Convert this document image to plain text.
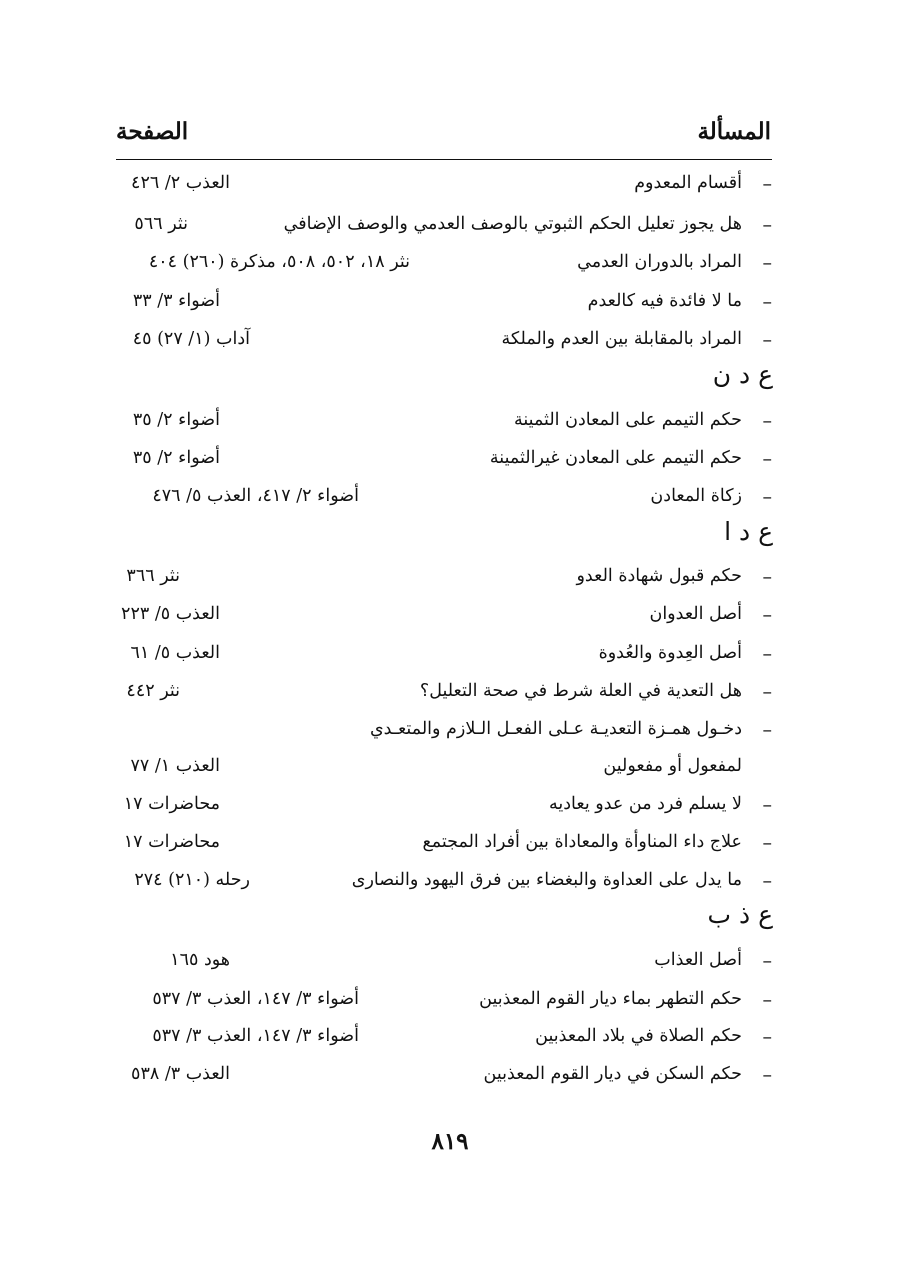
المسألة
الصفحة
–
أقسام المعدوم
العذب ٢/ ٤٢٦
–
هل يجوز تعليل الحكم الثبوتي بالوصف العدمي والوصف الإضافي
نثر ٥٦٦
–
المراد بالدوران العدمي
نثر ١٨، ٥٠٢، ٥٠٨، مذكرة (٢٦٠) ٤٠٤
–
ما لا فائدة فيه كالعدم
أضواء ٣/ ٣٣
–
المراد بالمقابلة بين العدم والملكة
آداب (١/ ٢٧) ٤٥
ع د ن
–
حكم التيمم على المعادن الثمينة
أضواء ٢/ ٣٥
–
حكم التيمم على المعادن غيرالثمينة
أضواء ٢/ ٣٥
–
زكاة المعادن
أضواء ٢/ ٤١٧، العذب ٥/ ٤٧٦
ع د ا
–
حكم قبول شهادة العدو
نثر ٣٦٦
–
أصل العدوان
العذب ٥/ ٢٢٣
–
أصل العِدوة والعُدوة
العذب ٥/ ٦١
–
هل التعدية في العلة شرط في صحة التعليل؟
نثر ٤٤٢
–
دخـول همـزة التعديـة عـلى الفعـل الـلازم والمتعـدي
لمفعول أو مفعولين
العذب ١/ ٧٧
–
لا يسلم فرد من عدو يعاديه
محاضرات ١٧
–
علاج داء المناوأة والمعاداة بين أفراد المجتمع
محاضرات ١٧
–
ما يدل على العداوة والبغضاء بين فرق اليهود والنصارى
رحله (٢١٠) ٢٧٤
ع ذ ب
–
أصل العذاب
هود ١٦٥
–
حكم التطهر بماء ديار القوم المعذبين
أضواء ٣/ ١٤٧، العذب ٣/ ٥٣٧
–
حكم الصلاة في بلاد المعذبين
أضواء ٣/ ١٤٧، العذب ٣/ ٥٣٧
–
حكم السكن في ديار القوم المعذبين
العذب ٣/ ٥٣٨
٨١٩
